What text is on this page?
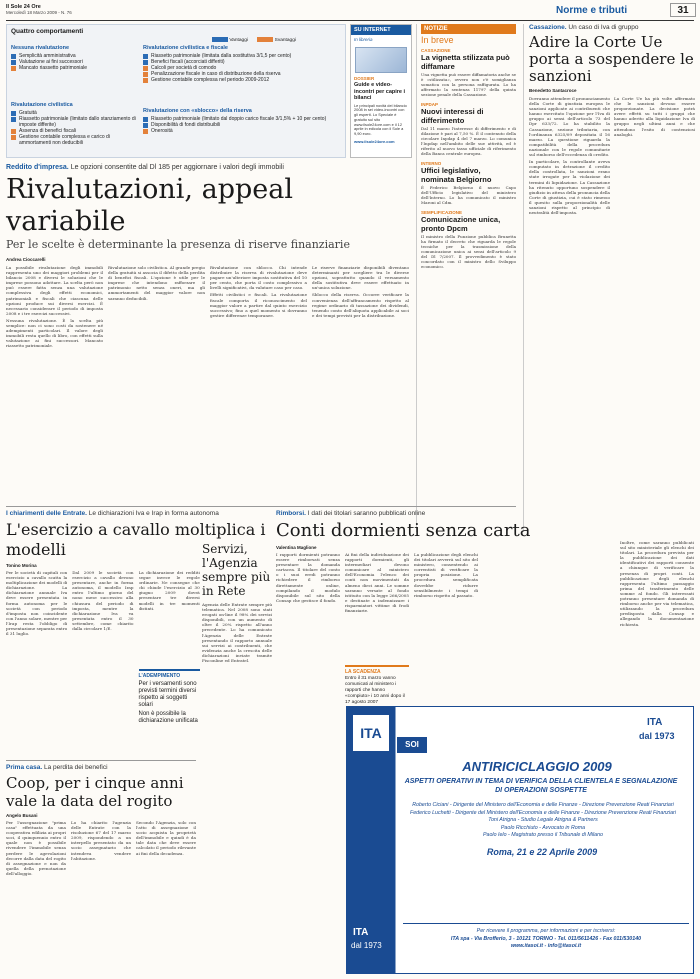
Il Sole 24 Ore
Mercoledì 18 Marzo 2009 - N. 76	Norme e tributi	31
Quattro comportamenti
Vantaggi	Svantaggi
Nessuna rivalutazione
Semplicità amministrativa
Valutazione ai fini successori
Mancato riassetto patrimoniale
Rivalutazione civilistica e fiscale
Riassetto patrimoniale (limitata dalla sostitutiva 3/1,5 per cento)
Benefici fiscali (accorciati differiti)
Calcoli per società di comodo
Penalizzazione fiscale in caso di distribuzione della riserva
Gestione contabile complessa nel periodo 2009-2012
Rivalutazione civilistica
Gratuità
Riassetto patrimoniale (limitato dallo stanziamento di imposte differite)
Assenza di benefici fiscali
Gestione contabile complessa e carico di ammortamenti non deducibili
Rivalutazione con «sblocco» della riserva
Riassetto patrimoniale (limitato dal doppio carico fiscale 3/1,5% + 10 per cento)
Disponibilità di fondi distribuibili
Onerosità
SU INTERNET
In libreria
DOSSIER
Guide e video-incontri per capire i bilanci
Le principali novità del bilancio 2008 in sei video-incontri con gli esperti. Lo Speciale è gratuito sul sito www.ilsole24ore.com e il 12 aprile in edicola con il Sole a 9,90 euro.
www.ilsole24ore.com
NOTIZIE
In breve
CASSAZIONE
La vignetta stilizzata può diffamare
Una vignetta può essere diffamatoria anche se è «stilizzata», ovvero non c'è somiglianza somatica con la persona raffigurata. Lo ha affermato la sentenza 11797 della quinta sezione penale della Cassazione.
INPDAP
Nuovi interessi di differimento
Dal 11 marzo l'interesse di differimento e di dilazione è pari al 7,50 %. È il contenuto della circolare Inpdap 4 del 7 marzo. Lo comunica l'Inpdap nell'ambito delle sue attività, ed è riferito al nuovo tasso ufficiale di riferimento della Banca centrale europea.
INTERNO
Uffici legislativo, nominata Belgiorno
È Federico Belgiorno il nuovo Capo dell'Ufficio legislativo del ministero dell'Interno. Lo ha comunicato il ministro Maroni al Cdm.
SEMPLIFICAZIONE
Comunicazione unica, pronto Dpcm
Il ministro della Funzione pubblica Brunetta ha firmato il decreto che riguarda le regole tecniche per la trasmissione della comunicazione unica ai sensi dell'articolo 9 del Dl 7/2007. Il provvedimento è stato concordato con il ministro dello Sviluppo economico.
Cassazione. Un caso di Iva di gruppo
Adire la Corte Ue porta a sospendere le sanzioni
Benedetto Santacroce

Dovranno attendere il pronunciamento della Corte di giustizia europea le sanzioni applicate ai contribuenti che hanno esercitato l'opzione per l'Iva di gruppo ai sensi dell'articolo 73 del Dpr 633/72. Lo ha stabilito la Cassazione, sezione tributaria, con l'ordinanza 6325/09 depositata il 16 marzo. La questione riguarda la compatibilità della procedura nazionale con le regole comunitarie sul rimborso dell'eccedenza di credito.

In particolare, la controllante aveva computato in detrazione il credito della controllata, le sanzioni erano state irrogate per la violazione dei termini di liquidazione. La Cassazione ha ritenuto opportuno sospendere il giudizio in attesa della pronuncia della Corte di giustizia, cui è stato rimesso il quesito sulla proporzionalità delle sanzioni rispetto al principio di neutralità dell'imposta.

La Corte Ue ha più volte affermato che le sanzioni devono essere proporzionate. La decisione potrà avere effetti su tutti i gruppi che hanno aderito alla liquidazione Iva di gruppo negli ultimi anni e che attendono l'esito di contenziosi analoghi.

Reddito d'impresa. Le opzioni consentite dal Dl 185 per aggiornare i valori degli immobili
Rivalutazioni, appeal variabile
Per le scelte è determinante la presenza di riserve finanziarie
Andrea Cioccarelli

La possibile rivalutazione degli immobili rappresenta uno dei maggiori problemi per il bilancio 2008 e diversi le soluzioni che le imprese possono adottare. La scelta però non può essere fatta senza una valutazione complessiva degli effetti economici, patrimoniali e fiscali che ciascuna delle opzioni produce sui diversi esercizi. È necessario considerare il periodo di imposta 2008 e i tre esercizi successivi.

Nessuna rivalutazione. È la scelta più semplice: non ci sono costi da sostenere né adempimenti particolari. Il valore degli immobili resta quello di libro, con effetti sulla valutazione ai fini successori. Mancato riassetto patrimoniale.

Rivalutazione solo civilistica. Al grande pregio della gratuità si associa il difetto della perdita di benefici fiscali. L'opzione è utile per le imprese che intendono rafforzare il patrimonio netto senza oneri, ma gli ammortamenti del maggior valore non saranno deducibili.

Rivalutazione con sblocco. Chi intende distribuire la riserva di rivalutazione deve pagare un'ulteriore imposta sostitutiva del 10 per cento, che porta il costo complessivo a livelli significativi, da valutare caso per caso.

Effetti civilistici e fiscali. La rivalutazione fiscale comporta il riconoscimento del maggior valore a partire dal quinto esercizio successivo; fino a quel momento si dovranno gestire differenze temporanee.

Le riserve finanziarie disponibili diventano determinanti per scegliere tra le diverse opzioni, soprattutto quando il versamento della sostitutiva deve essere effettuato in un'unica soluzione.

Sblocco della riserva. Occorre verificare la convenienza dell'affrancamento rispetto al regime ordinario di tassazione dei dividendi, tenendo conto dell'aliquota applicabile ai soci e dei tempi previsti per la distribuzione.

I chiarimenti delle Entrate. Le dichiarazioni Iva e Irap in forma autonoma
L'esercizio a cavallo moltiplica i modelli
Tonino Morina
Per le società di capitali con esercizio a cavallo scatta la moltiplicazione dei modelli di dichiarazione. La dichiarazione annuale Iva deve essere presentata in forma autonoma per le società con periodo d'imposta non coincidente con l'anno solare, mentre per l'Irap resta l'obbligo di presentazione separata entro il 31 luglio.
Dal 2009 le società con esercizio a cavallo devono presentare, anche in forma autonoma, il modello Irap entro l'ultimo giorno del nono mese successivo alla chiusura del periodo di imposta, mentre la dichiarazione Iva va presentata entro il 30 settembre, come chiarito dalla circolare 1/E.
La dichiarazione dei redditi segue invece le regole ordinarie. Ne consegue che chi chiude l'esercizio al 30 giugno 2009 dovrà presentare tre diversi modelli in tre momenti distinti.
L'ADEMPIMENTO
Per i versamenti sono previsti termini diversi rispetto ai soggetti solari
Non è possibile la dichiarazione unificata
Servizi, l'Agenzia sempre più in Rete
Agenzia delle Entrate sempre più telematica. Nel 2008 sono stati erogati on-line il 98% dei servizi disponibili, con un aumento di oltre il 20% rispetto all'anno precedente. Lo ha comunicato l'Agenzia delle Entrate presentando il rapporto annuale sui servizi ai contribuenti, che evidenzia anche la crescita delle dichiarazioni inviate tramite Fisconline ed Entratel.
Prima casa. La perdita dei benefici
Coop, per i cinque anni vale la data del rogito
Angelo Busani
Per l'assegnazione "prima casa" effettuata da una cooperativa edilizia ai propri soci, il quinquennio entro il quale non è possibile rivendere l'immobile senza perdere le agevolazioni decorre dalla data del rogito di assegnazione e non da quella della prenotazione dell'alloggio.
Lo ha chiarito l'agenzia delle Entrate con la risoluzione 67 del 17 marzo 2009, rispondendo a un interpello presentato da un socio assegnatario che intendeva vendere l'abitazione.
Secondo l'Agenzia, solo con l'atto di assegnazione il socio acquista la proprietà dell'immobile e quindi è da tale data che deve essere calcolato il periodo rilevante ai fini della decadenza.
Rimborsi. I dati dei titolari saranno pubblicati online
Conti dormienti senza carta
Valentina Maglione
I rapporti dormienti potranno essere rimborsati senza presentare la domanda cartacea. Il titolare del conto o i suoi eredi potranno richiedere il rimborso direttamente online, compilando il modulo disponibile sul sito della Consap che gestisce il fondo.
Ai fini della individuazione dei rapporti dormienti, gli intermediari devono comunicare al ministero dell'Economia l'elenco dei conti non movimentati da almeno dieci anni. Le somme saranno versate al fondo istituito con la legge 266/2005 e destinate a indennizzare i risparmiatori vittime di frodi finanziarie.
LA SCADENZA
Entro il 31 marzo vanno comunicati al ministero i rapporti che hanno «compiuto» i 10 anni dopo il 17 agosto 2007
La pubblicazione degli elenchi dei titolari avverrà sul sito del ministero, consentendo ai correntisti di verificare la propria posizione. La procedura semplificata dovrebbe ridurre sensibilmente i tempi di rimborso rispetto al passato.
Inoltre, come saranno pubblicati sul sito ministeriale gli elenchi dei titolari. La procedura prevista per la pubblicazione dei dati identificativi dei rapporti consente a chiunque di verificare la presenza di propri conti. La pubblicazione degli elenchi rappresenta l'ultimo passaggio prima del trasferimento delle somme al fondo. Gli interessati potranno presentare domanda di rimborso anche per via telematica, utilizzando la procedura predisposta dalla Consap e allegando la documentazione richiesta.
ITA
SOI
ITA
dal 1973
ANTIRICICLAGGIO 2009
ASPETTI OPERATIVI IN TEMA DI VERIFICA DELLA CLIENTELA E SEGNALAZIONE DI OPERAZIONI SOSPETTE
Roberto Ciciani - Dirigente del Ministero dell'Economia e delle Finanze - Direzione Prevenzione Reati Finanziari
Federico Luchetti - Dirigente del Ministero dell'Economia e delle Finanze - Direzione Prevenzione Reati Finanziari
Toni Atrigna - Studio Legale Atrigna & Partners
Paolo Ricchiuto - Avvocato in Roma
Paolo Ielo - Magistrato presso il Tribunale di Milano
Roma, 21 e 22 Aprile 2009
ITA
dal 1973
Per ricevere il programma, per informazioni e per iscriversi:
ITA spa - Via Brofferio, 3 - 10121 TORINO - Tel. 011/5611426 - Fax 011/530140
www.itasoi.it - info@itasoi.it
